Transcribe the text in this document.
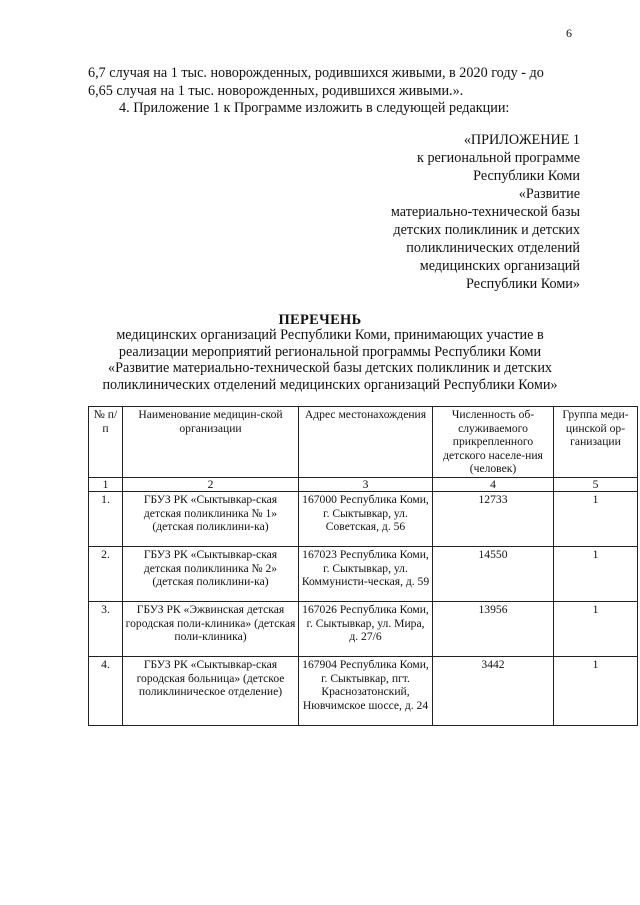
6
6,7 случая на 1 тыс. новорожденных, родившихся живыми, в 2020 году - до
6,65 случая на 1 тыс. новорожденных, родившихся живыми.».
4. Приложение 1 к Программе изложить в следующей редакции:
«ПРИЛОЖЕНИЕ 1
к региональной программе
Республики Коми
«Развитие
материально-технической базы
детских поликлиник и детских
поликлинических отделений
медицинских организаций
Республики Коми»
ПЕРЕЧЕНЬ
медицинских организаций Республики Коми, принимающих участие в
реализации мероприятий региональной программы Республики Коми
«Развитие материально-технической базы детских поликлиник и детских
поликлинических отделений медицинских организаций Республики Коми»
№ п/п	Наименование медицин-ской организации	Адрес местонахождения	Численность об-служиваемого прикрепленного детского населе-ния (человек)	Группа меди-цинской ор-ганизации
1	2	3	4	5
1.	ГБУЗ РК «Сыктывкар-ская детская поликлиника № 1» (детская поликлини-ка)	167000 Республика Коми, г. Сыктывкар, ул. Советская, д. 56	12733	1
2.	ГБУЗ РК «Сыктывкар-ская детская поликлиника № 2» (детская поликлини-ка)	167023 Республика Коми, г. Сыктывкар, ул. Коммунисти-ческая, д. 59	14550	1
3.	ГБУЗ РК «Эжвинская детская городская поли-клиника» (детская поли-клиника)	167026 Республика Коми, г. Сыктывкар, ул. Мира, д. 27/6	13956	1
4.	ГБУЗ РК «Сыктывкар-ская городская больница» (детское поликлиническое отделение)	167904 Республика Коми, г. Сыктывкар, пгт. Краснозатонский, Нювчимское шоссе, д. 24	3442	1
